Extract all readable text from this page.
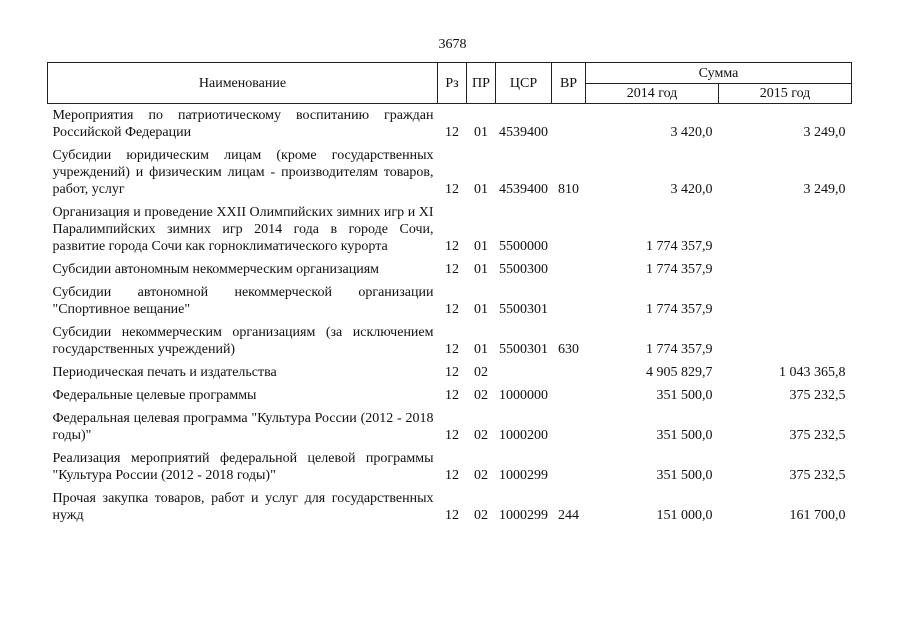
3678
Наименование	Рз	ПР	ЦСР	ВР	Сумма	
					2014 год	2015 год
Мероприятия по патриотическому воспитанию граждан Российской Федерации	12	01	4539400		3 420,0	3 249,0
Субсидии юридическим лицам (кроме государственных учреждений) и физическим лицам - производителям товаров, работ, услуг	12	01	4539400	810	3 420,0	3 249,0
Организация и проведение XXII Олимпийских зимних игр и XI Паралимпийских зимних игр 2014 года в городе Сочи, развитие города Сочи как горноклиматического курорта	12	01	5500000		1 774 357,9	
Субсидии автономным некоммерческим организациям	12	01	5500300		1 774 357,9	
Субсидии автономной некоммерческой организации "Спортивное вещание"	12	01	5500301		1 774 357,9	
Субсидии некоммерческим организациям (за исключением государственных учреждений)	12	01	5500301	630	1 774 357,9	
Периодическая печать и издательства	12	02			4 905 829,7	1 043 365,8
Федеральные целевые программы	12	02	1000000		351 500,0	375 232,5
Федеральная целевая программа "Культура России (2012 - 2018 годы)"	12	02	1000200		351 500,0	375 232,5
Реализация мероприятий федеральной целевой программы "Культура России (2012 - 2018 годы)"	12	02	1000299		351 500,0	375 232,5
Прочая закупка товаров, работ и услуг для государственных нужд	12	02	1000299	244	151 000,0	161 700,0
